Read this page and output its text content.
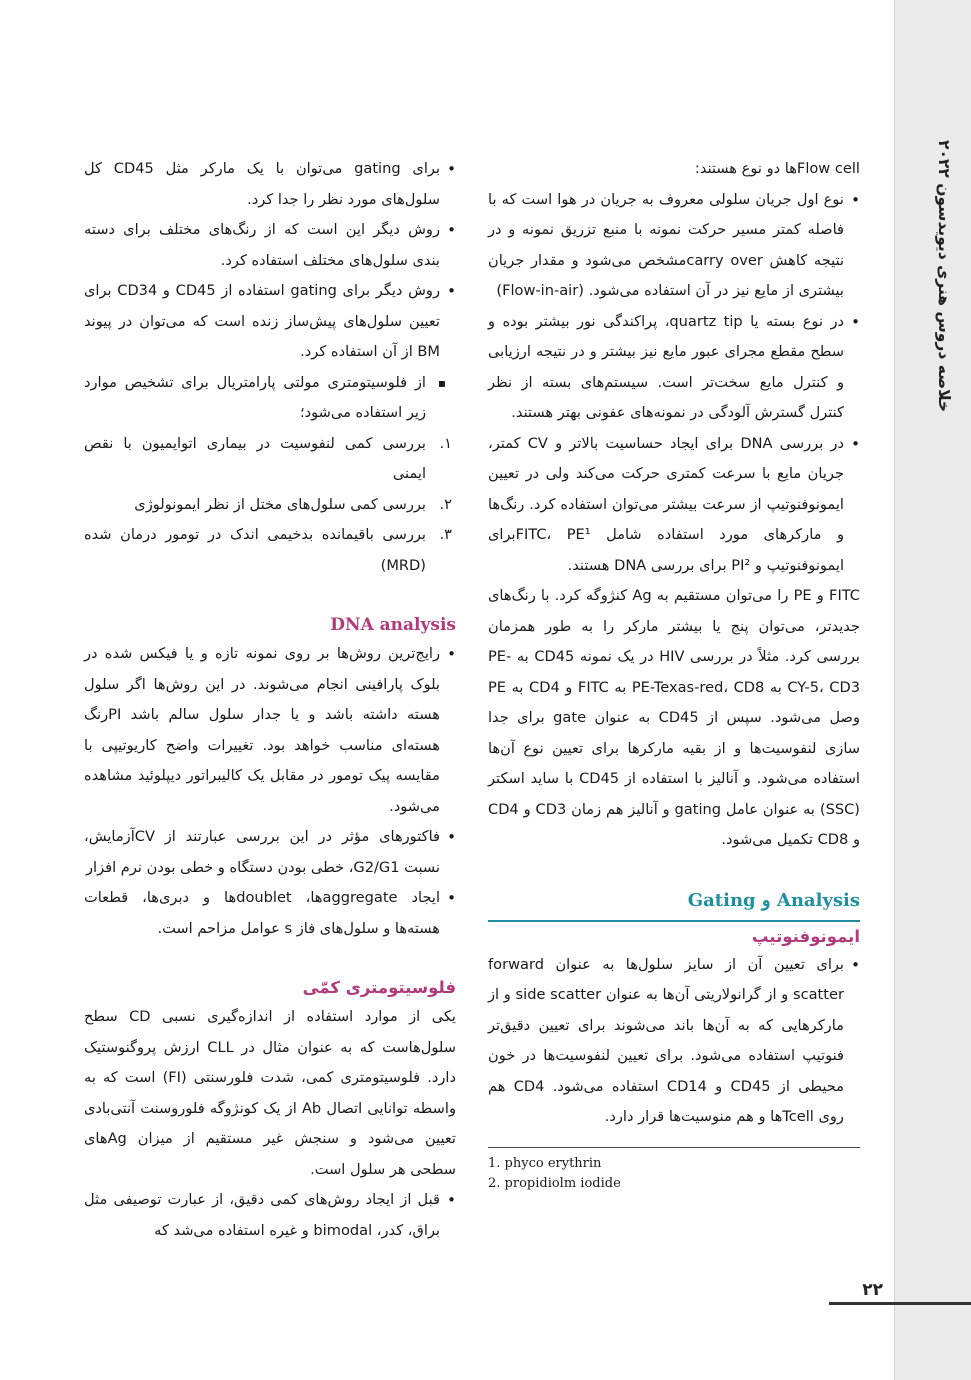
خلاصه دروس هنری دیویدسون ۲۰۲۲

Flow cellها دو نوع هستند:

• نوع اول جریان سلولی معروف به جریان در هوا است که با فاصله کمتر مسیر حرکت نمونه با منبع تزریق نمونه و در نتیجه کاهش carry overمشخص می‌شود و مقدار جریان بیشتری از مایع نیز در آن استفاده می‌شود. (Flow-in-air)
• در نوع بسته یا quartz tip، پراکندگی نور بیشتر بوده و سطح مقطع مجرای عبور مایع نیز بیشتر و در نتیجه ارزیابی و کنترل مایع سخت‌تر است. سیستم‌های بسته از نظر کنترل گسترش آلودگی در نمونه‌های عفونی بهتر هستند.
• در بررسی DNA برای ایجاد حساسیت بالاتر و CV کمتر، جریان مایع با سرعت کمتری حرکت می‌کند ولی در تعیین ایمونوفنوتیپ از سرعت بیشتر می‌توان استفاده کرد. رنگ‌ها و مارکرهای مورد استفاده شامل FITC، PE¹برای ایمونوفنوتیپ و PI² برای بررسی DNA هستند.

FITC و PE را می‌توان مستقیم به Ag کنژوگه کرد. با رنگ‌های جدیدتر، می‌توان پنج یا بیشتر مارکر را به طور همزمان بررسی کرد. مثلاً در بررسی HIV در یک نمونه CD45 به PE-CY-5، CD3 به PE-Texas-red، CD8 به FITC و CD4 به PE وصل می‌شود. سپس از CD45 به عنوان gate برای جدا سازی لنفوسیت‌ها و از بقیه مارکرها برای تعیین نوع آن‌ها استفاده می‌شود. و آنالیز با استفاده از CD45 با ساید اسکتر (SSC) به عنوان عامل gating و آنالیز هم زمان CD3 و CD4 و CD8 تکمیل می‌شود.

Gating و Analysis
ایمونوفنوتیپ
• برای تعیین آن از سایز سلول‌ها به عنوان forward scatter و از گرانولاریتی آن‌ها به عنوان side scatter و از مارکرهایی که به آن‌ها باند می‌شوند برای تعیین دقیق‌تر فنوتیپ استفاده می‌شود. برای تعیین لنفوسیت‌ها در خون محیطی از CD45 و CD14 استفاده می‌شود. CD4 هم روی Tcellها و هم منوسیت‌ها قرار دارد.
1. phyco erythrin
2. propidiolm iodide
• برای gating می‌توان با یک مارکر مثل CD45 کل سلول‌های مورد نظر را جدا کرد.
• روش دیگر این است که از رنگ‌های مختلف برای دسته بندی سلول‌های مختلف استفاده کرد.
• روش دیگر برای gating استفاده از CD45 و CD34 برای تعیین سلول‌های پیش‌ساز زنده است که می‌توان در پیوند BM از آن استفاده کرد.
▪ از فلوسیتومتری مولتی پارامتریال برای تشخیص موارد زیر استفاده می‌شود؛
۱.
بررسی کمی لنفوسیت در بیماری اتوایمیون با نقص ایمنی
۲.
بررسی کمی سلول‌های مختل از نظر ایمونولوژی
۳.
بررسی باقیمانده بدخیمی اندک در تومور درمان شده (MRD)
DNA analysis
• رایج‌ترین روش‌ها بر روی نمونه تازه و یا فیکس شده در بلوک پارافینی انجام می‌شوند. در این روش‌ها اگر سلول هسته داشته باشد و یا جدار سلول سالم باشد PIرنگ هسته‌ای مناسب خواهد بود. تغییرات واضح کاریوتیپی با مقایسه پیک تومور در مقابل یک کالیبراتور دیپلوئید مشاهده می‌شود.
• فاکتورهای مؤثر در این بررسی عبارتند از CVآزمایش، نسبت G2/G1، خطی بودن دستگاه و خطی بودن نرم افزار
• ایجاد aggregateها، doubletها و دبری‌ها، قطعات هسته‌ها و سلول‌های فاز s عوامل مزاحم است.
فلوسیتومتری کمّی

یکی از موارد استفاده از اندازه‌گیری نسبی CD سطح سلول‌هاست که به عنوان مثال در CLL ارزش پروگنوستیک دارد. فلوسیتومتری کمی، شدت فلورسنتی (FI) است که به واسطه توانایی اتصال Ab از یک کونژوگه فلوروسنت آنتی‌بادی تعیین می‌شود و سنجش غیر مستقیم از میزان Agهای سطحی هر سلول است.

• قبل از ایجاد روش‌های کمی دقیق، از عبارت توصیفی مثل براق، کدر، bimodal و غیره استفاده می‌شد که
۲۲
